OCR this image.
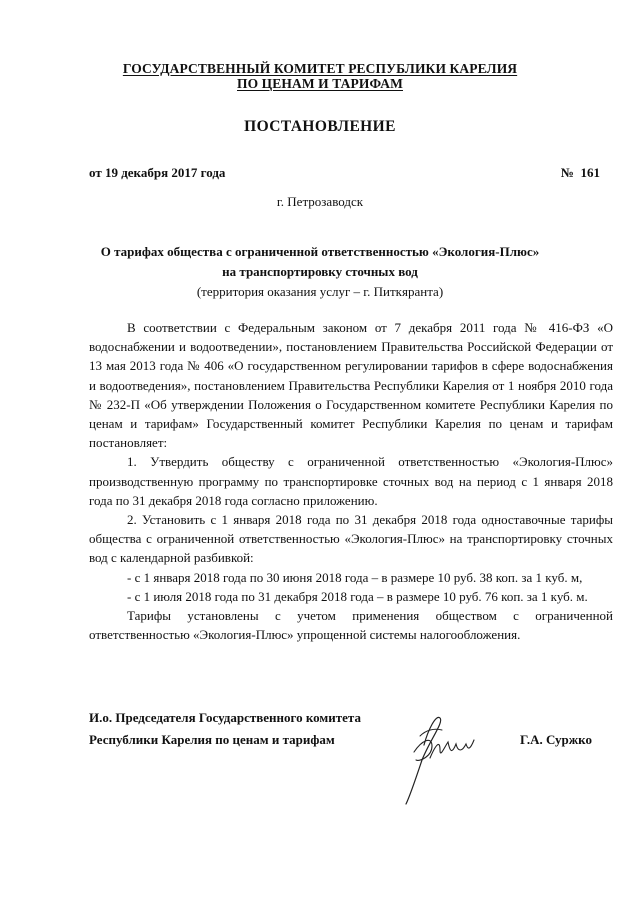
ГОСУДАРСТВЕННЫЙ КОМИТЕТ РЕСПУБЛИКИ КАРЕЛИЯ
ПО ЦЕНАМ И ТАРИФАМ
ПОСТАНОВЛЕНИЕ
от 19 декабря 2017 года	№  161
г. Петрозаводск
О тарифах общества с ограниченной ответственностью «Экология-Плюс»
на транспортировку сточных вод
(территория оказания услуг – г. Питкяранта)

В соответствии с Федеральным законом от 7 декабря 2011 года № 416-ФЗ «О водоснабжении и водоотведении», постановлением Правительства Российской Федерации от 13 мая 2013 года № 406 «О государственном регулировании тарифов в сфере водоснабжения и водоотведения», постановлением Правительства Республики Карелия от 1 ноября 2010 года № 232-П «Об утверждении Положения о Государственном комитете Республики Карелия по ценам и тарифам» Государственный комитет Республики Карелия по ценам и тарифам постановляет:

1. Утвердить обществу с ограниченной ответственностью «Экология-Плюс» производственную программу по транспортировке сточных вод на период с 1 января 2018 года по 31 декабря 2018 года согласно приложению.

2. Установить с 1 января 2018 года по 31 декабря 2018 года одноставочные тарифы общества с ограниченной ответственностью «Экология-Плюс» на транспортировку сточных вод с календарной разбивкой:

- с 1 января 2018 года по 30 июня 2018 года – в размере 10 руб. 38 коп. за 1 куб. м,

- с 1 июля 2018 года по 31 декабря 2018 года – в размере 10 руб. 76 коп. за 1 куб. м.

Тарифы установлены с учетом применения обществом с ограниченной ответственностью «Экология-Плюс» упрощенной системы налогообложения.

И.о. Председателя Государственного комитета
Республики Карелия по ценам и тарифам	Г.А. Суржко
